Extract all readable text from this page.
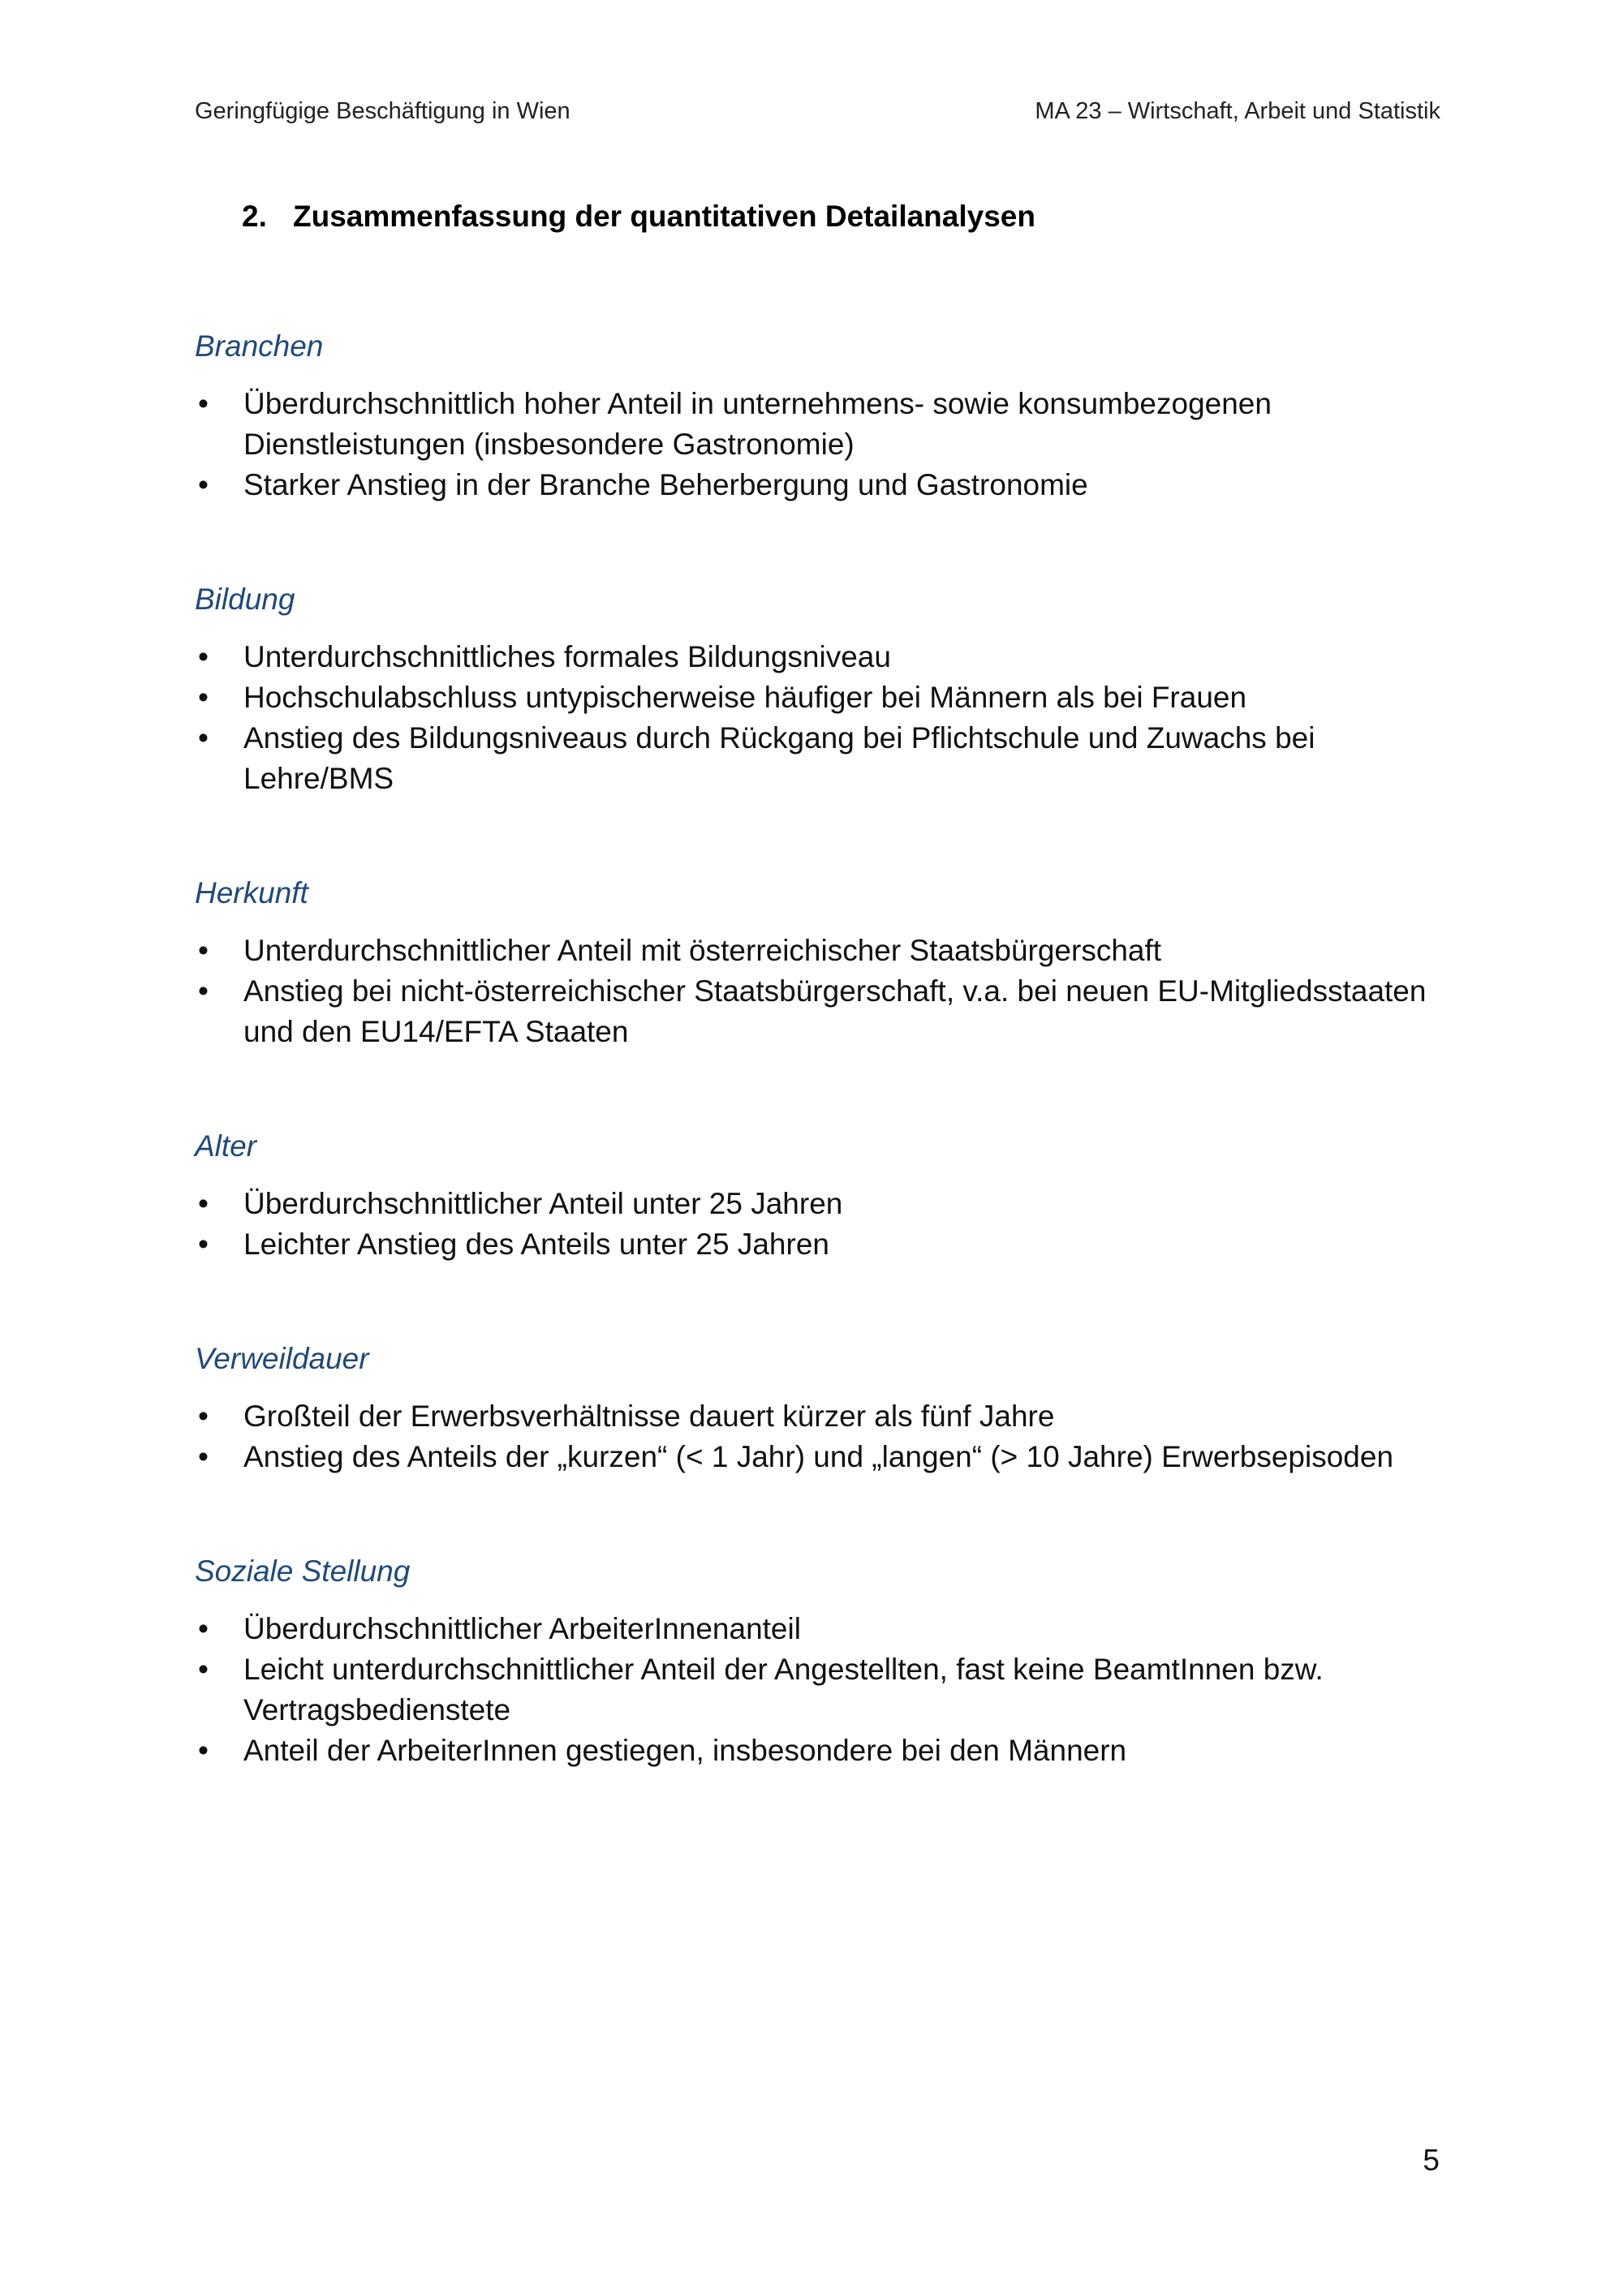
Geringfügige Beschäftigung in Wien	MA 23 – Wirtschaft, Arbeit und Statistik
2. Zusammenfassung der quantitativen Detailanalysen
Branchen
• Überdurchschnittlich hoher Anteil in unternehmens- sowie konsumbezogenen Dienstleistungen (insbesondere Gastronomie)
• Starker Anstieg in der Branche Beherbergung und Gastronomie
Bildung
• Unterdurchschnittliches formales Bildungsniveau
• Hochschulabschluss untypischerweise häufiger bei Männern als bei Frauen
• Anstieg des Bildungsniveaus durch Rückgang bei Pflichtschule und Zuwachs bei Lehre/BMS
Herkunft
• Unterdurchschnittlicher Anteil mit österreichischer Staatsbürgerschaft
• Anstieg bei nicht-österreichischer Staatsbürgerschaft, v.a. bei neuen EU-Mitgliedsstaaten und den EU14/EFTA Staaten
Alter
• Überdurchschnittlicher Anteil unter 25 Jahren
• Leichter Anstieg des Anteils unter 25 Jahren
Verweildauer
• Großteil der Erwerbsverhältnisse dauert kürzer als fünf Jahre
• Anstieg des Anteils der „kurzen“ (< 1 Jahr) und „langen“ (> 10 Jahre) Erwerbsepisoden
Soziale Stellung
• Überdurchschnittlicher ArbeiterInnenanteil
• Leicht unterdurchschnittlicher Anteil der Angestellten, fast keine BeamtInnen bzw. Vertragsbedienstete
• Anteil der ArbeiterInnen gestiegen, insbesondere bei den Männern
5
